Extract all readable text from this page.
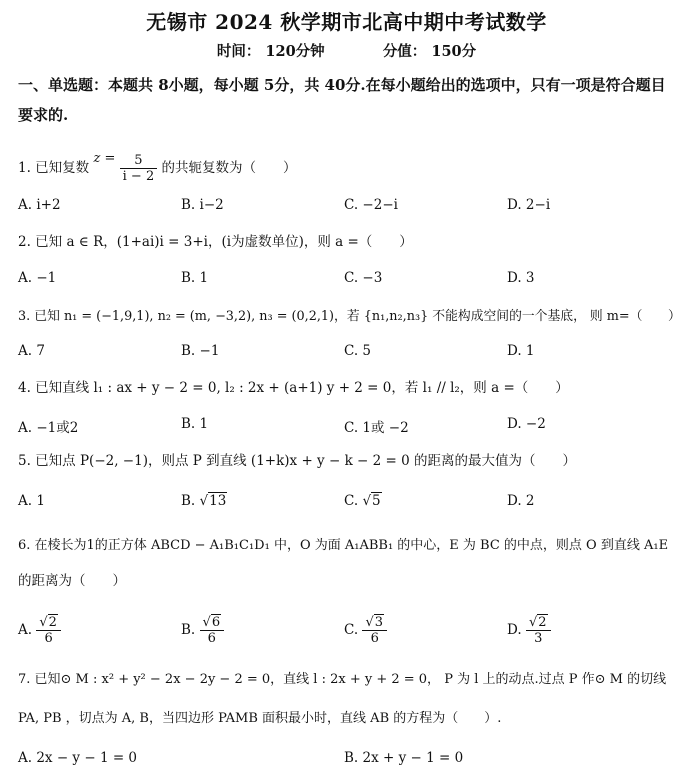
无锡市 2024 秋学期市北高中期中考试数学
时间： 120分钟	分值： 150分
一、单选题：本题共 8小题，每小题 5分，共 40分.在每小题给出的选项中，只有一项是符合题目要求的.
1. 已知复数 $z = \frac{5}{i - 2}$ 的共轭复数为（　　）
A. i+2	B. i−2	C. −2−i	D. 2−i
2. 已知 a ∈ R，(1+ai)i = 3+i，(i为虚数单位)，则 a =（　　）
A. −1	B. 1	C. −3	D. 3
3. 已知 n₁ = (−1,9,1), n₂ = (m, −3,2), n₃ = (0,2,1)，若 {n₁,n₂,n₃} 不能构成空间的一个基底， 则 m=（　　）
A. 7	B. −1	C. 5	D. 1
4. 已知直线 l₁ : ax + y − 2 = 0, l₂ : 2x + (a+1) y + 2 = 0，若 l₁ // l₂，则 a =（　　）
A. −1或2	B. 1	C. 1或 −2	D. −2
5. 已知点 P(−2, −1)，则点 P 到直线 (1+k)x + y − k − 2 = 0 的距离的最大值为（　　）
A. 1	B. √13	C. √5	D. 2
6. 在棱长为1的正方体 ABCD − A₁B₁C₁D₁ 中，O 为面 A₁ABB₁ 的中心，E 为 BC 的中点，则点 O 到直线 A₁E
的距离为（　　）
A. $\frac{√2}{6}$	B. $\frac{√6}{6}$	C. $\frac{√3}{6}$	D. $\frac{√2}{3}$
7. 已知⊙ M : x² + y² − 2x − 2y − 2 = 0，直线 l : 2x + y + 2 = 0， P 为 l 上的动点.过点 P 作⊙ M 的切线
PA, PB ，切点为 A, B，当四边形 PAMB 面积最小时，直线 AB 的方程为（　　）.
A. 2x − y − 1 = 0	B. 2x + y − 1 = 0
